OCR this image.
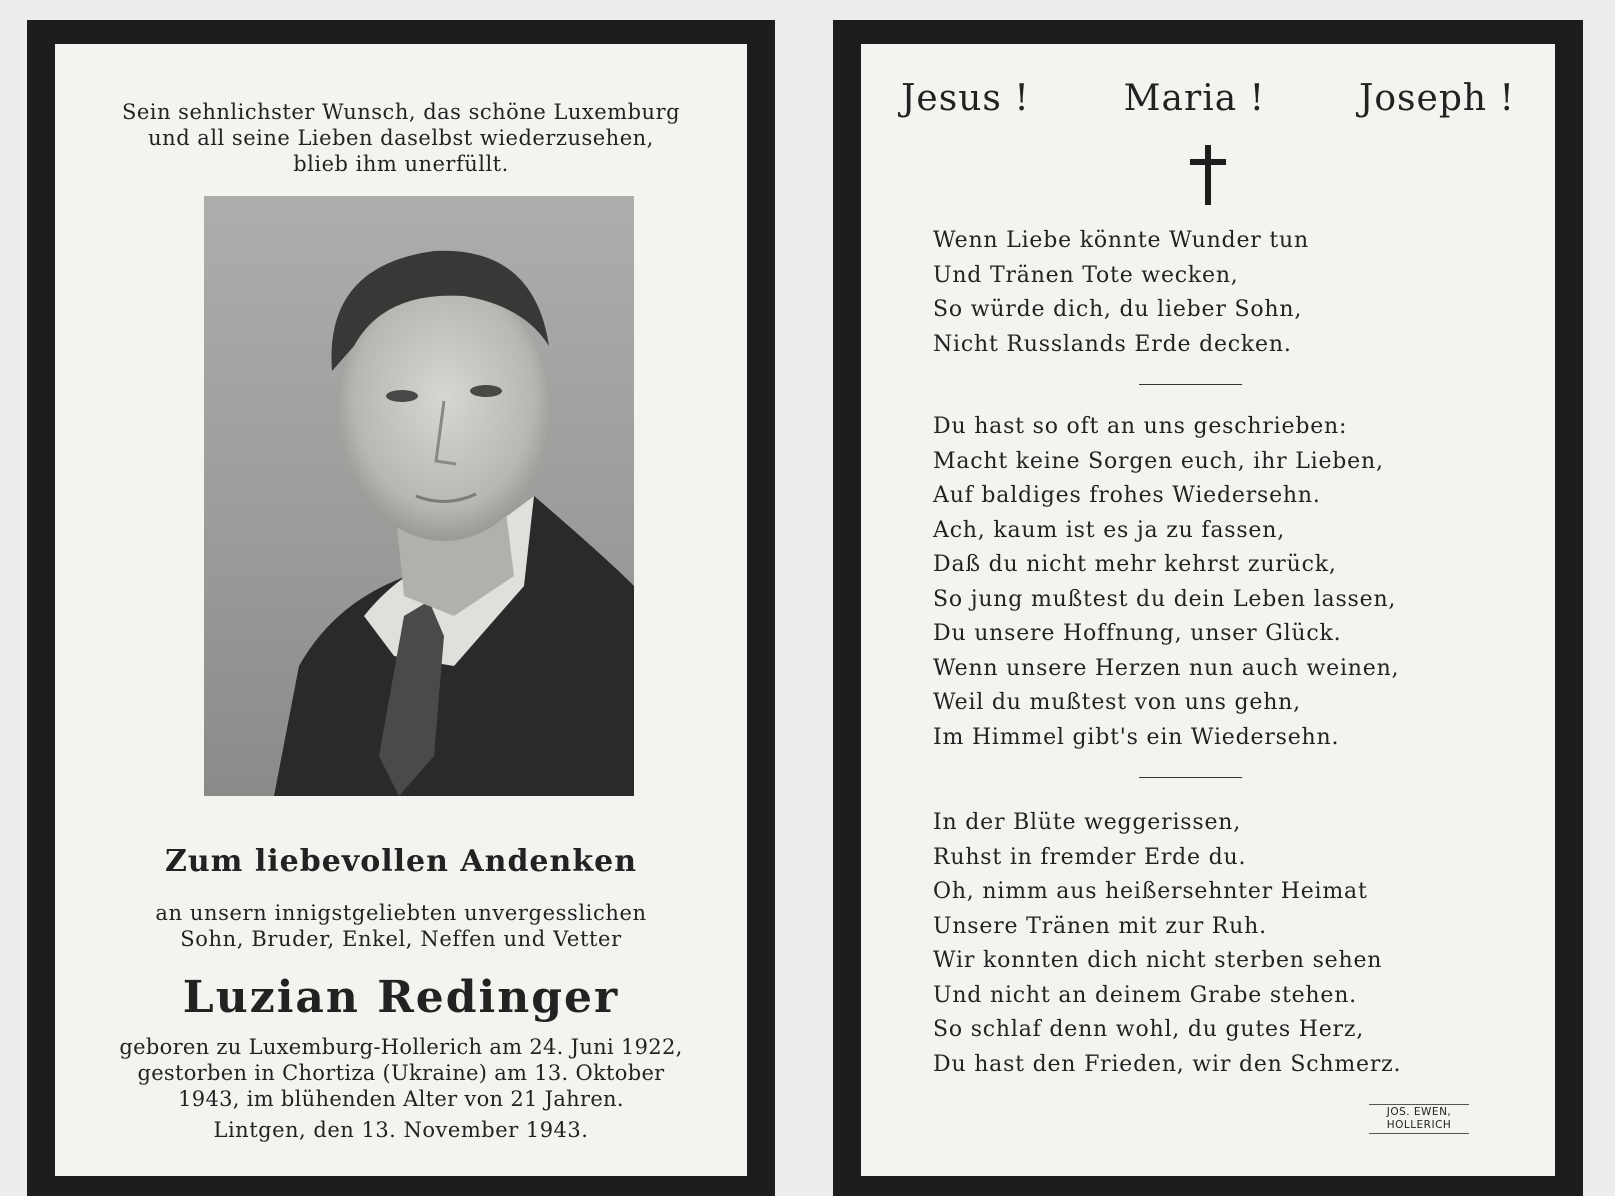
Sein sehnlichster Wunsch, das schöne Luxemburg
und all seine Lieben daselbst wiederzusehen,
blieb ihm unerfüllt.
Zum liebevollen Andenken
an unsern innigstgeliebten unvergesslichen
Sohn, Bruder, Enkel, Neffen und Vetter
Luzian Redinger
geboren zu Luxemburg-Hollerich am 24. Juni 1922,
gestorben in Chortiza (Ukraine) am 13. Oktober
1943, im blühenden Alter von 21 Jahren.
Lintgen, den 13. November 1943.
Jesus !	Maria !	Joseph !
Wenn Liebe könnte Wunder tun
Und Tränen Tote wecken,
So würde dich, du lieber Sohn,
Nicht Russlands Erde decken.
Du hast so oft an uns geschrieben:
Macht keine Sorgen euch, ihr Lieben,
Auf baldiges frohes Wiedersehn.
Ach, kaum ist es ja zu fassen,
Daß du nicht mehr kehrst zurück,
So jung mußtest du dein Leben lassen,
Du unsere Hoffnung, unser Glück.
Wenn unsere Herzen nun auch weinen,
Weil du mußtest von uns gehn,
Im Himmel gibt's ein Wiedersehn.
In der Blüte weggerissen,
Ruhst in fremder Erde du.
Oh, nimm aus heißersehnter Heimat
Unsere Tränen mit zur Ruh.
Wir konnten dich nicht sterben sehen
Und nicht an deinem Grabe stehen.
So schlaf denn wohl, du gutes Herz,
Du hast den Frieden, wir den Schmerz.
JOS. EWEN,
HOLLERICH
